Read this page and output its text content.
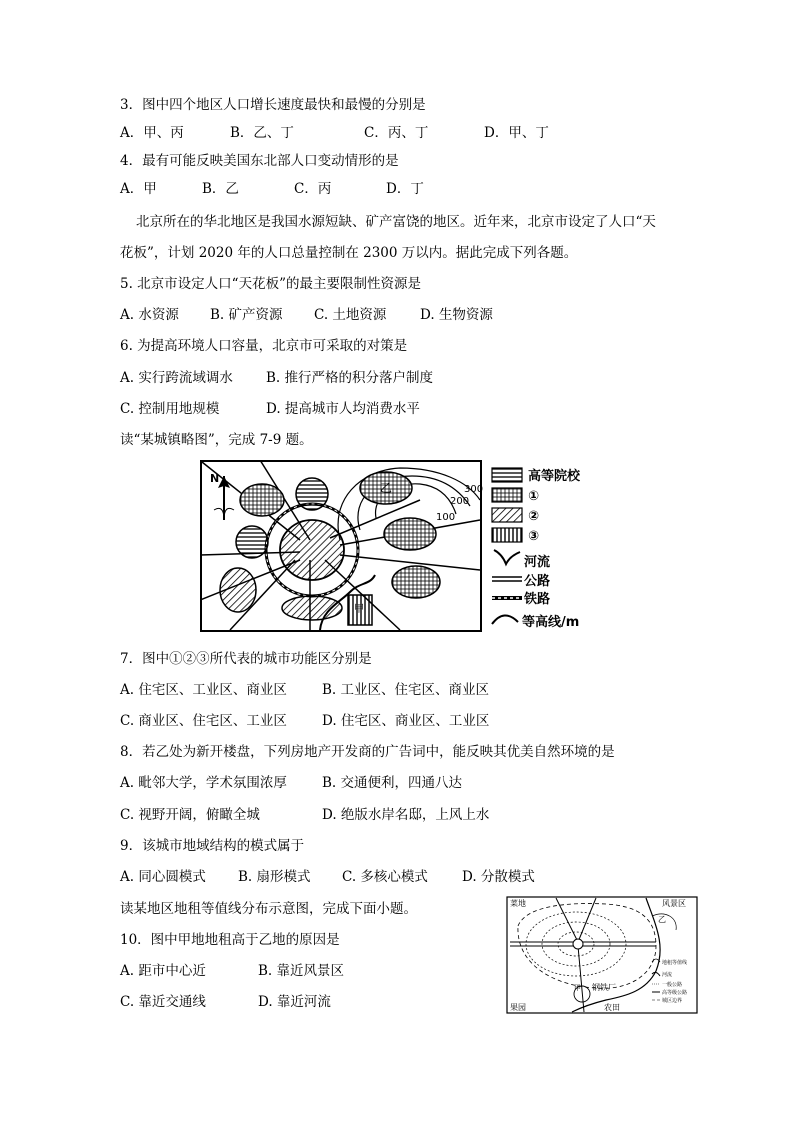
3．图中四个地区人口增长速度最快和最慢的分别是
A．甲、丙	B．乙、丁	C．丙、丁	D．甲、丁
4．最有可能反映美国东北部人口变动情形的是
A．甲	B．乙	C．丙	D．丁
北京所在的华北地区是我国水源短缺、矿产富饶的地区。近年来，北京市设定了人口“天
花板”，计划 2020 年的人口总量控制在 2300 万以内。据此完成下列各题。
5. 北京市设定人口“天花板”的最主要限制性资源是
A. 水资源 B. 矿产资源 C. 土地资源 D. 生物资源
6. 为提高环境人口容量，北京市可采取的对策是
A. 实行跨流域调水 B. 推行严格的积分落户制度
C. 控制用地规模	D. 提高城市人均消费水平
读“某城镇略图”，完成 7-9 题。
N
300
200
100
乙
甲
高等院校
①
②
③
河流
公路
铁路
等高线/m
7．图中①②③所代表的城市功能区分别是
A. 住宅区、工业区、商业区	B. 工业区、住宅区、商业区
C. 商业区、住宅区、工业区	D. 住宅区、商业区、工业区
8．若乙处为新开楼盘，下列房地产开发商的广告词中，能反映其优美自然环境的是
A. 毗邻大学，学术氛围浓厚	B. 交通便利，四通八达
C. 视野开阔，俯瞰全城	D. 绝版水岸名邸，上风上水
9．该城市地域结构的模式属于
A. 同心圆模式 B. 扇形模式 C. 多核心模式	D. 分散模式
读某地区地租等值线分布示意图，完成下面小题。
10．图中甲地地租高于乙地的原因是
A. 距市中心近	B. 靠近风景区
C. 靠近交通线	D. 靠近河流
菜地	风景区
乙
钢铁厂
果园	农田
甲
地租等值线
河流
一般公路
高等级公路
城区边界
